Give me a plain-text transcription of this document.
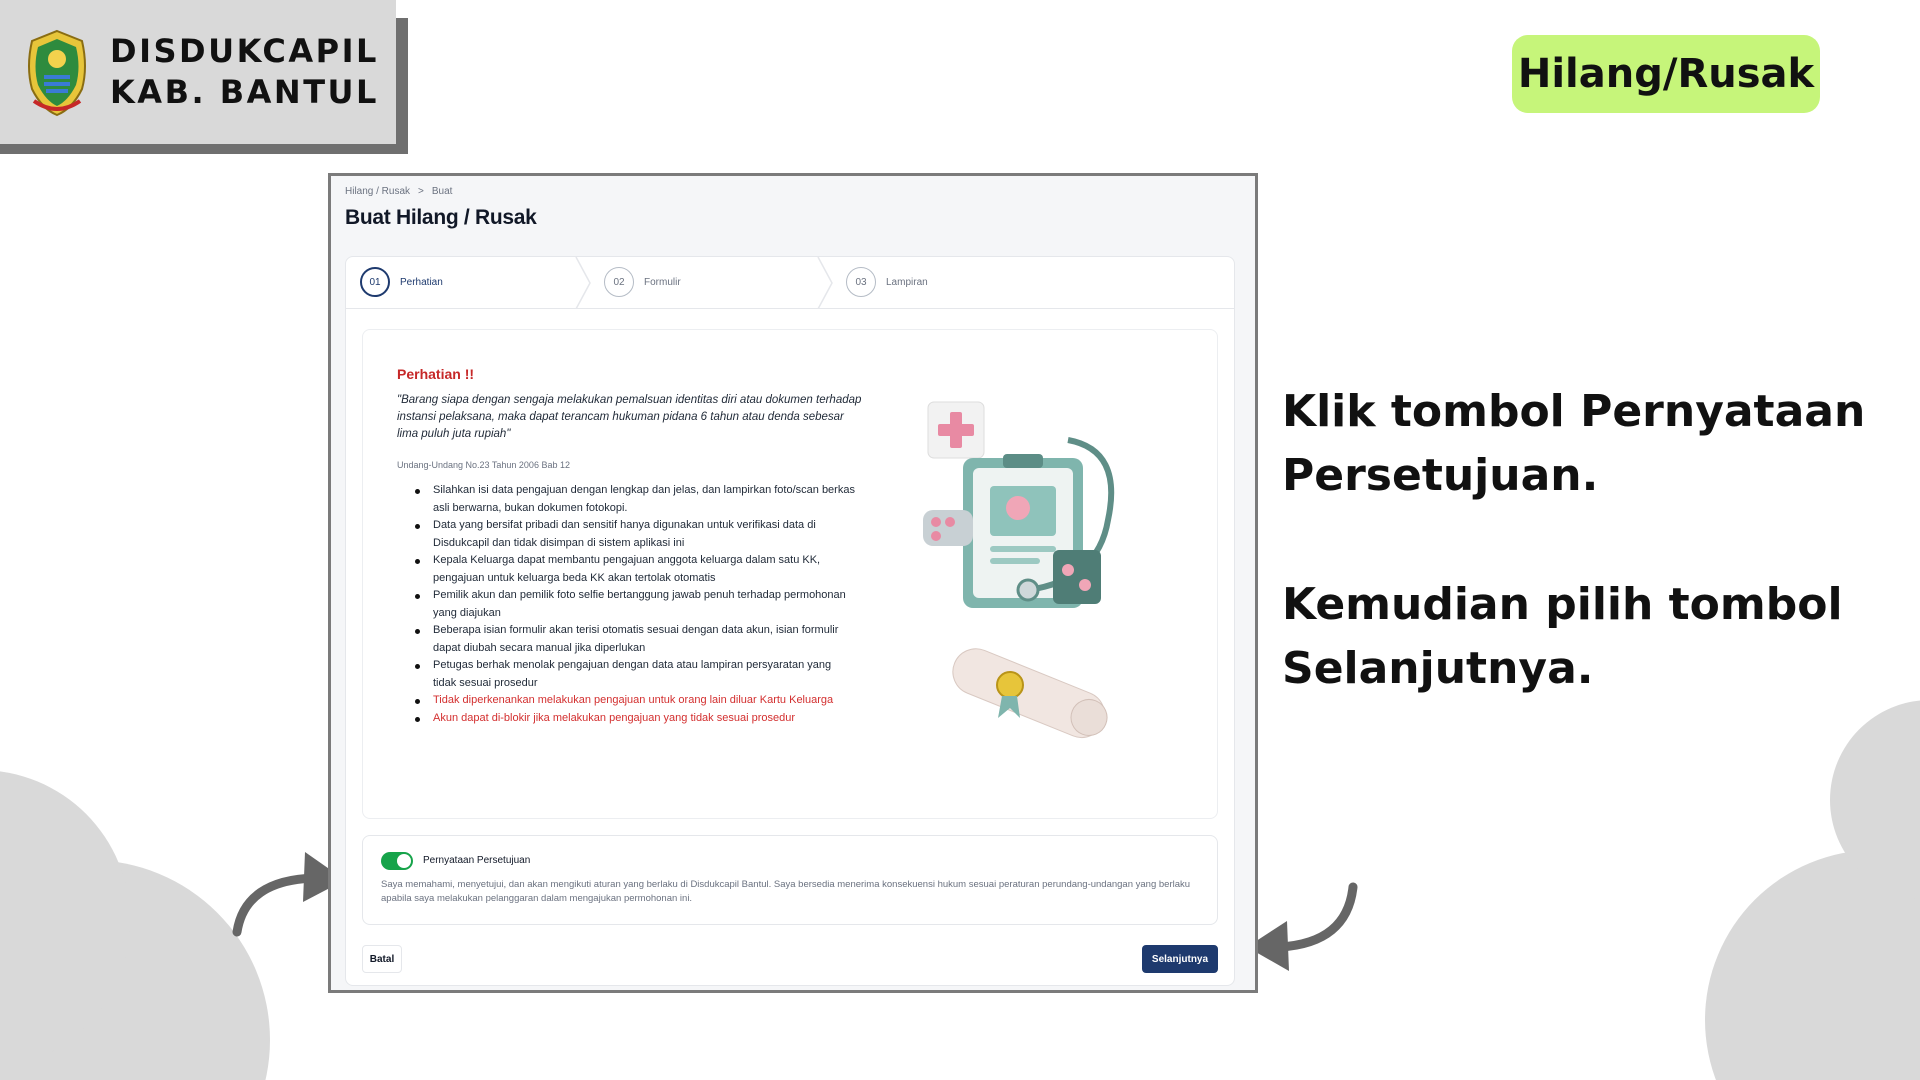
DISDUKCAPIL
KAB. BANTUL	Hilang/Rusak
Klik tombol Pernyataan
Persetujuan.
Kemudian pilih tombol
Selanjutnya.
Hilang / Rusak > Buat
Buat Hilang / Rusak
01	Perhatian	02	Formulir	03	Lampiran
Perhatian !!
"Barang siapa dengan sengaja melakukan pemalsuan identitas diri atau dokumen terhadap instansi pelaksana, maka dapat terancam hukuman pidana 6 tahun atau denda sebesar lima puluh juta rupiah"
Undang-Undang No.23 Tahun 2006 Bab 12
Silahkan isi data pengajuan dengan lengkap dan jelas, dan lampirkan foto/scan berkas asli berwarna, bukan dokumen fotokopi.
Data yang bersifat pribadi dan sensitif hanya digunakan untuk verifikasi data di Disdukcapil dan tidak disimpan di sistem aplikasi ini
Kepala Keluarga dapat membantu pengajuan anggota keluarga dalam satu KK, pengajuan untuk keluarga beda KK akan tertolak otomatis
Pemilik akun dan pemilik foto selfie bertanggung jawab penuh terhadap permohonan yang diajukan
Beberapa isian formulir akan terisi otomatis sesuai dengan data akun, isian formulir dapat diubah secara manual jika diperlukan
Petugas berhak menolak pengajuan dengan data atau lampiran persyaratan yang tidak sesuai prosedur
Tidak diperkenankan melakukan pengajuan untuk orang lain diluar Kartu Keluarga
Akun dapat di-blokir jika melakukan pengajuan yang tidak sesuai prosedur
Pernyataan Persetujuan
Saya memahami, menyetujui, dan akan mengikuti aturan yang berlaku di Disdukcapil Bantul. Saya bersedia menerima konsekuensi hukum sesuai peraturan perundang-undangan yang berlaku apabila saya melakukan pelanggaran dalam mengajukan permohonan ini.
Batal	Selanjutnya
